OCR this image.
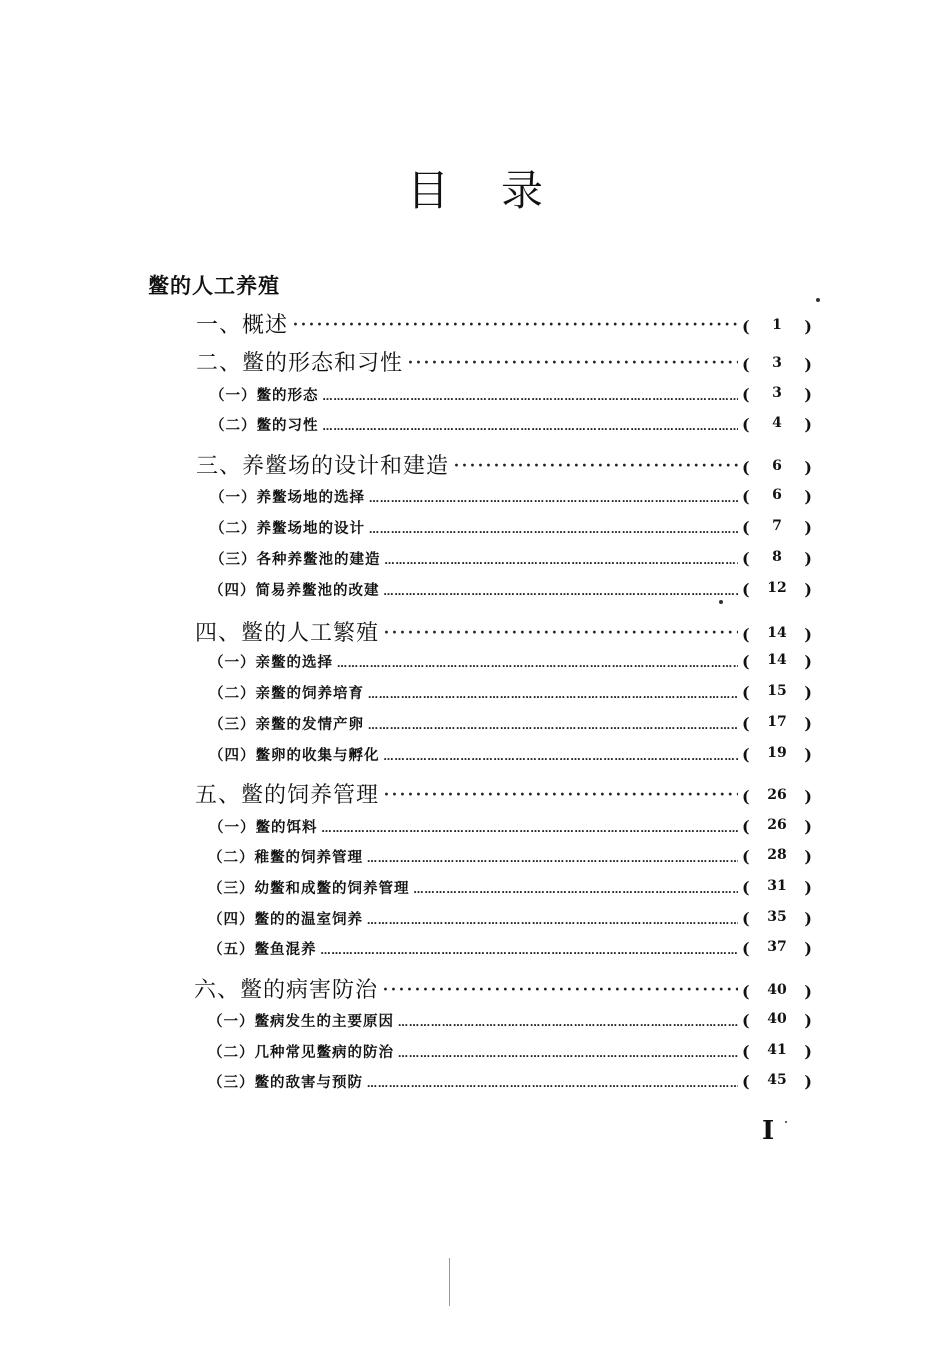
目录
鳖的人工养殖
一、概述 ·····	(	1	)
二、鳖的形态和习性 ·····	(	3	)
（一）鳖的形态 …………………………………………………………………………………………………………………………………………………………	(	3	)
（二）鳖的习性 …………………………………………………………………………………………………………………………………………………………	(	4	)
三、养鳖场的设计和建造 ·····	(	6	)
（一）养鳖场地的选择 …………………………………………………………………………………………………………………………………………………………	(	6	)
（二）养鳖场地的设计 …………………………………………………………………………………………………………………………………………………………	(	7	)
（三）各种养鳖池的建造 …………………………………………………………………………………………………………………………………………………………	(	8	)
（四）简易养鳖池的改建 …………………………………………………………………………………………………………………………………………………………	(	12	)
四、鳖的人工繁殖 ·····	(	14	)
（一）亲鳖的选择 …………………………………………………………………………………………………………………………………………………………	(	14	)
（二）亲鳖的饲养培育 …………………………………………………………………………………………………………………………………………………………	(	15	)
（三）亲鳖的发情产卵 …………………………………………………………………………………………………………………………………………………………	(	17	)
（四）鳖卵的收集与孵化 …………………………………………………………………………………………………………………………………………………………	(	19	)
五、鳖的饲养管理 ·····	(	26	)
（一）鳖的饵料 …………………………………………………………………………………………………………………………………………………………	(	26	)
（二）稚鳖的饲养管理 …………………………………………………………………………………………………………………………………………………………	(	28	)
（三）幼鳖和成鳖的饲养管理 …………………………………………………………………………………………………………………………………………………………	(	31	)
（四）鳖的的温室饲养 …………………………………………………………………………………………………………………………………………………………	(	35	)
（五）鳖鱼混养 …………………………………………………………………………………………………………………………………………………………	(	37	)
六、鳖的病害防治 ·····	(	40	)
（一）鳖病发生的主要原因 …………………………………………………………………………………………………………………………………………………………	(	40	)
（二）几种常见鳖病的防治 …………………………………………………………………………………………………………………………………………………………	(	41	)
（三）鳖的敌害与预防 …………………………………………………………………………………………………………………………………………………………	(	45	)
I
